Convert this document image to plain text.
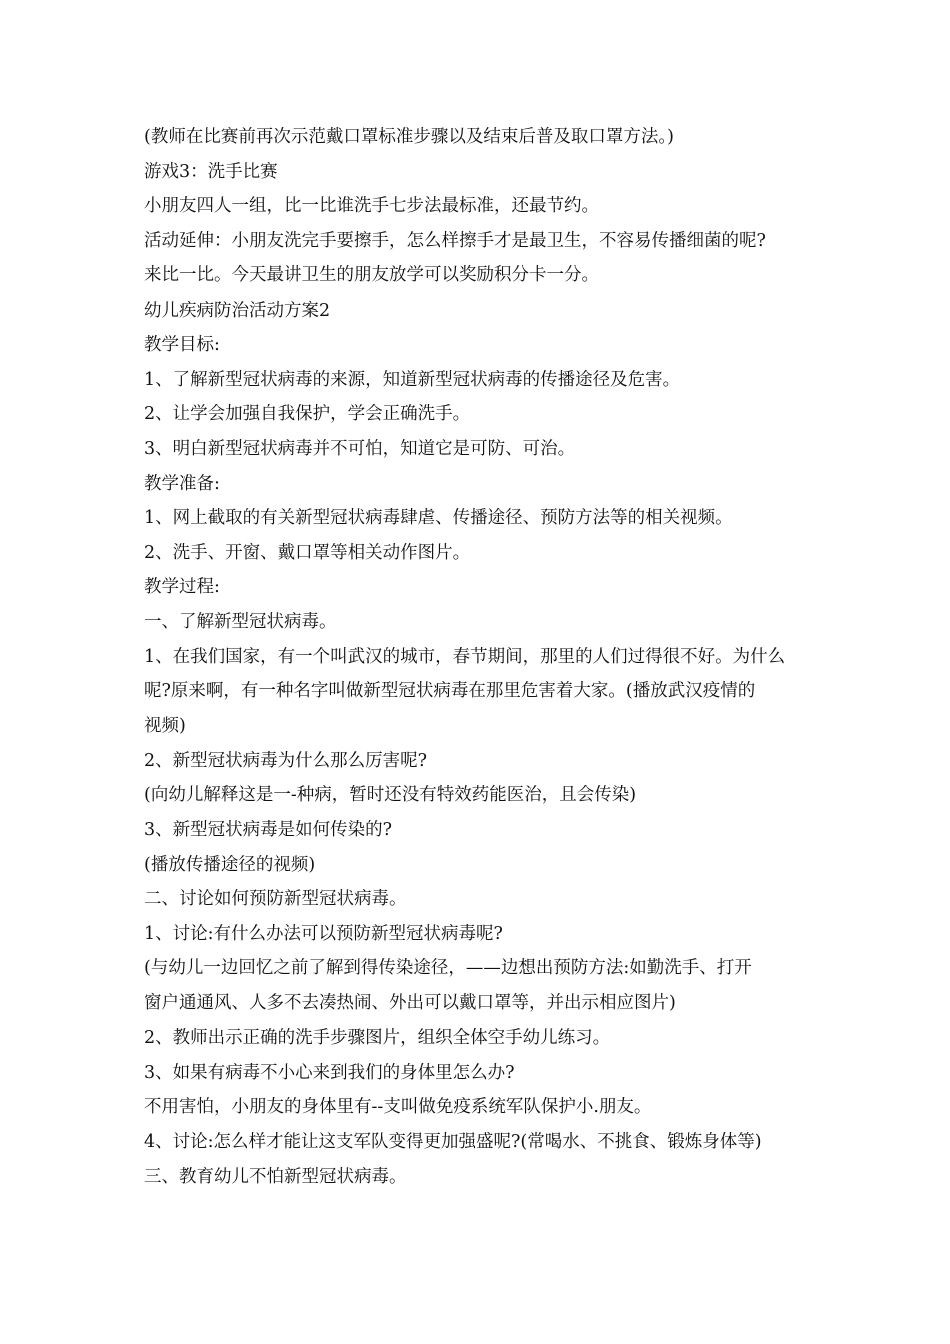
(教师在比赛前再次示范戴口罩标准步骤以及结束后普及取口罩方法。)
游戏3：洗手比赛
小朋友四人一组，比一比谁洗手七步法最标准，还最节约。
活动延伸：小朋友洗完手要擦手，怎么样擦手才是最卫生，不容易传播细菌的呢?
来比一比。今天最讲卫生的朋友放学可以奖励积分卡一分。
幼儿疾病防治活动方案2
教学目标:
1、了解新型冠状病毒的来源，知道新型冠状病毒的传播途径及危害。
2、让学会加强自我保护，学会正确洗手。
3、明白新型冠状病毒并不可怕，知道它是可防、可治。
教学准备:
1、网上截取的有关新型冠状病毒肆虐、传播途径、预防方法等的相关视频。
2、洗手、开窗、戴口罩等相关动作图片。
教学过程:
一、了解新型冠状病毒。
1、在我们国家，有一个叫武汉的城市，春节期间，那里的人们过得很不好。为什么
呢?原来啊，有一种名字叫做新型冠状病毒在那里危害着大家。(播放武汉疫情的
视频)
2、新型冠状病毒为什么那么厉害呢?
(向幼儿解释这是一-种病，暂时还没有特效药能医治，且会传染)
3、新型冠状病毒是如何传染的?
(播放传播途径的视频)
二、讨论如何预防新型冠状病毒。
1、讨论:有什么办法可以预防新型冠状病毒呢?
(与幼儿一边回忆之前了解到得传染途径，——边想出预防方法:如勤洗手、打开
窗户通通风、人多不去凑热闹、外出可以戴口罩等，并出示相应图片)
2、教师出示正确的洗手步骤图片，组织全体空手幼儿练习。
3、如果有病毒不小心来到我们的身体里怎么办?
不用害怕，小朋友的身体里有--支叫做免疫系统军队保护小.朋友。
4、讨论:怎么样才能让这支军队变得更加强盛呢?(常喝水、不挑食、锻炼身体等)
三、教育幼儿不怕新型冠状病毒。
